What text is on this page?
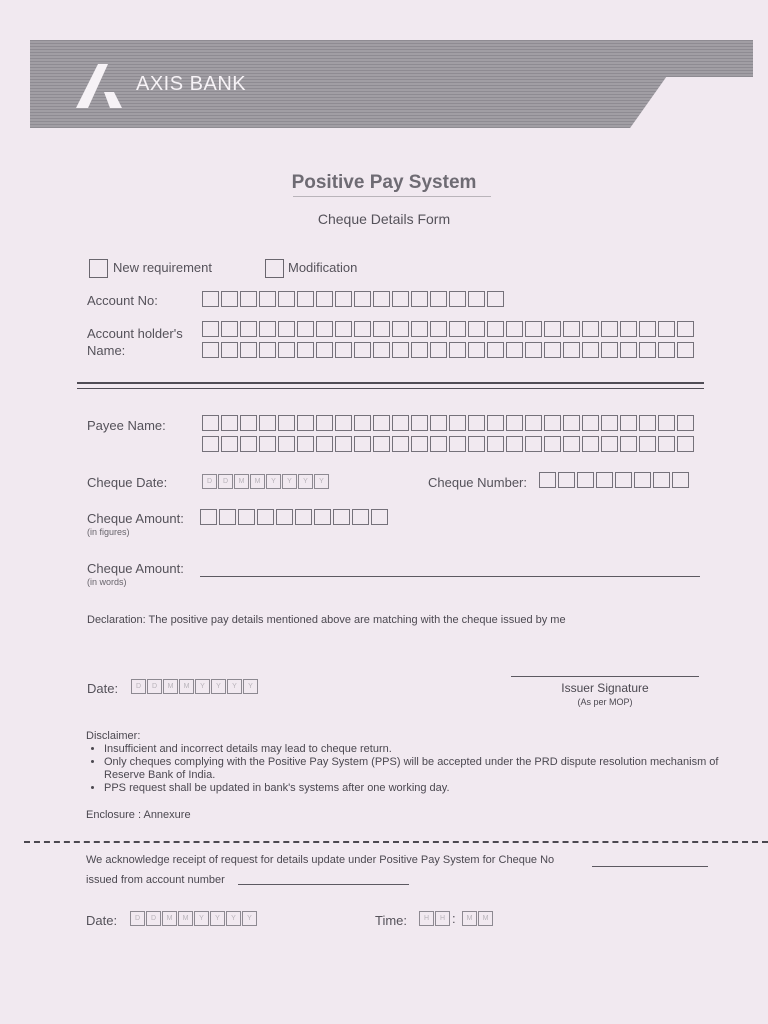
AXIS BANK
Positive Pay System
Cheque Details Form
New requirement	Modification
Account No:
Account holder's
Name:
Payee Name:
Cheque Date:	D	D	M	M	Y	Y	Y	Y	Cheque Number:
Cheque Amount:
(in figures)
Cheque Amount:
(in words)
Declaration: The positive pay details mentioned above are matching with the cheque issued by me
Date:	D	D	M	M	Y	Y	Y	Y	Issuer Signature
(As per MOP)
Disclaimer:
• Insufficient and incorrect details may lead to cheque return.
• Only cheques complying with the Positive Pay System (PPS) will be accepted under the PRD dispute resolution mechanism of Reserve Bank of India.
• PPS request shall be updated in bank's systems after one working day.
Enclosure : Annexure
We acknowledge receipt of request for details update under Positive Pay System for Cheque No
issued from account number
Date:	D	D	M	M	Y	Y	Y	Y	Time:	H	H :	M	M
